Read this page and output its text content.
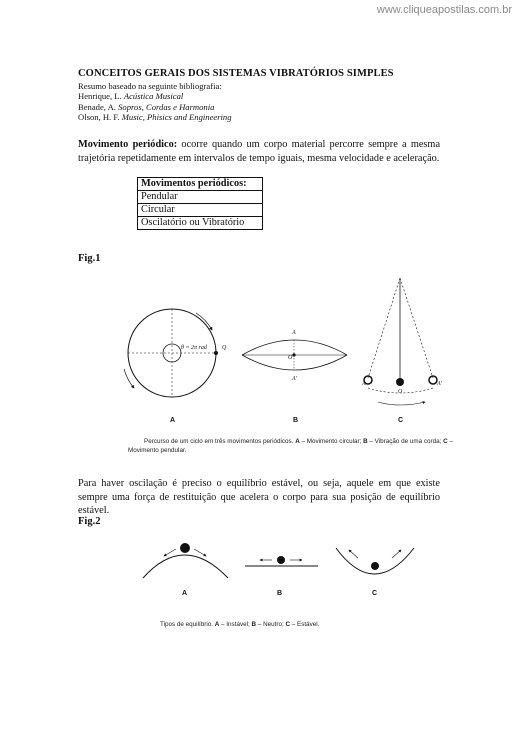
www.cliqueapostilas.com.br
CONCEITOS GERAIS DOS SISTEMAS VIBRATÓRIOS SIMPLES
Resumo baseado na seguinte bibliografia:
Henrique, L. Acústica Musical
Benade, A. Sopros, Cordas e Harmonia
Olson, H. F. Music, Phisics and Engineering
Movimento periódico: ocorre quando um corpo material percorre sempre a mesma trajetória repetidamente em intervalos de tempo iguais, mesma velocidade e aceleração.
Movimentos periódicos:
Pendular
Circular
Oscilatório ou Vibratório
Fig.1
θ = 2π rad	Q
A
O
A'
A
O
A'
A	B	C
Percurso de um ciclo em três movimentos periódicos. A – Movimento circular; B – Vibração de uma corda; C – Movimento pendular.
Para haver oscilação é preciso o equilíbrio estável, ou seja, aquele em que existe sempre uma força de restituição que acelera o corpo para sua posição de equilíbrio estável.
Fig.2
A	B	C
Tipos de equilíbrio. A – Instável; B – Neutro; C – Estável.
